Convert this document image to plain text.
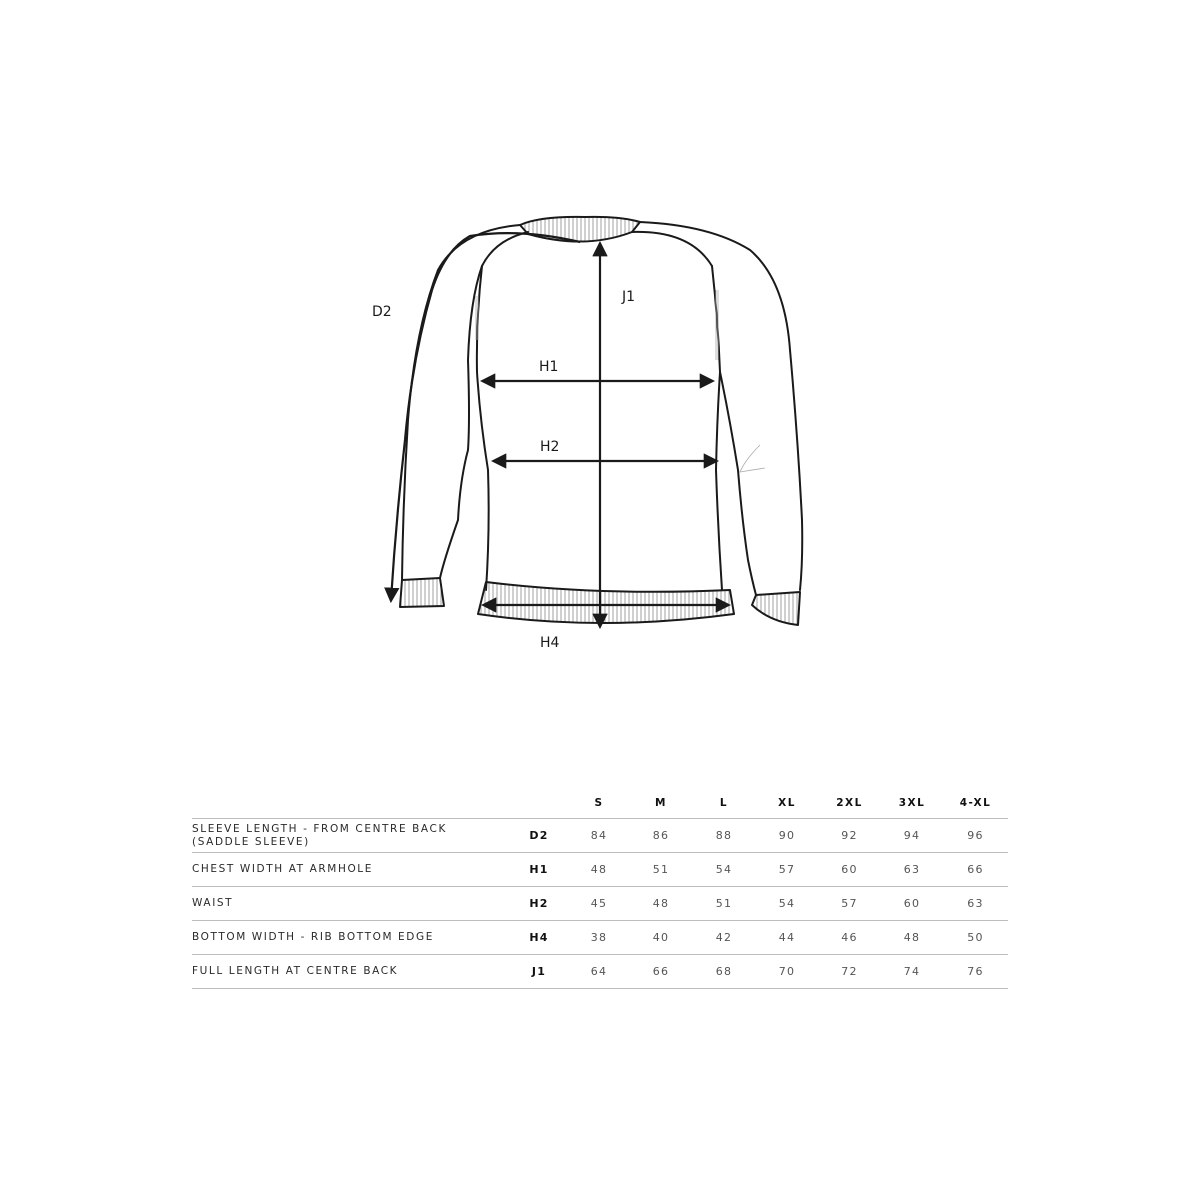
D2
J1
H1
H2
H4
		S	M	L	XL	2XL	3XL	4-XL
SLEEVE LENGTH - FROM CENTRE BACK
(SADDLE SLEEVE)	D2	84	86	88	90	92	94	96
CHEST WIDTH AT ARMHOLE	H1	48	51	54	57	60	63	66
WAIST	H2	45	48	51	54	57	60	63
BOTTOM WIDTH - RIB BOTTOM EDGE	H4	38	40	42	44	46	48	50
FULL LENGTH AT CENTRE BACK	J1	64	66	68	70	72	74	76
